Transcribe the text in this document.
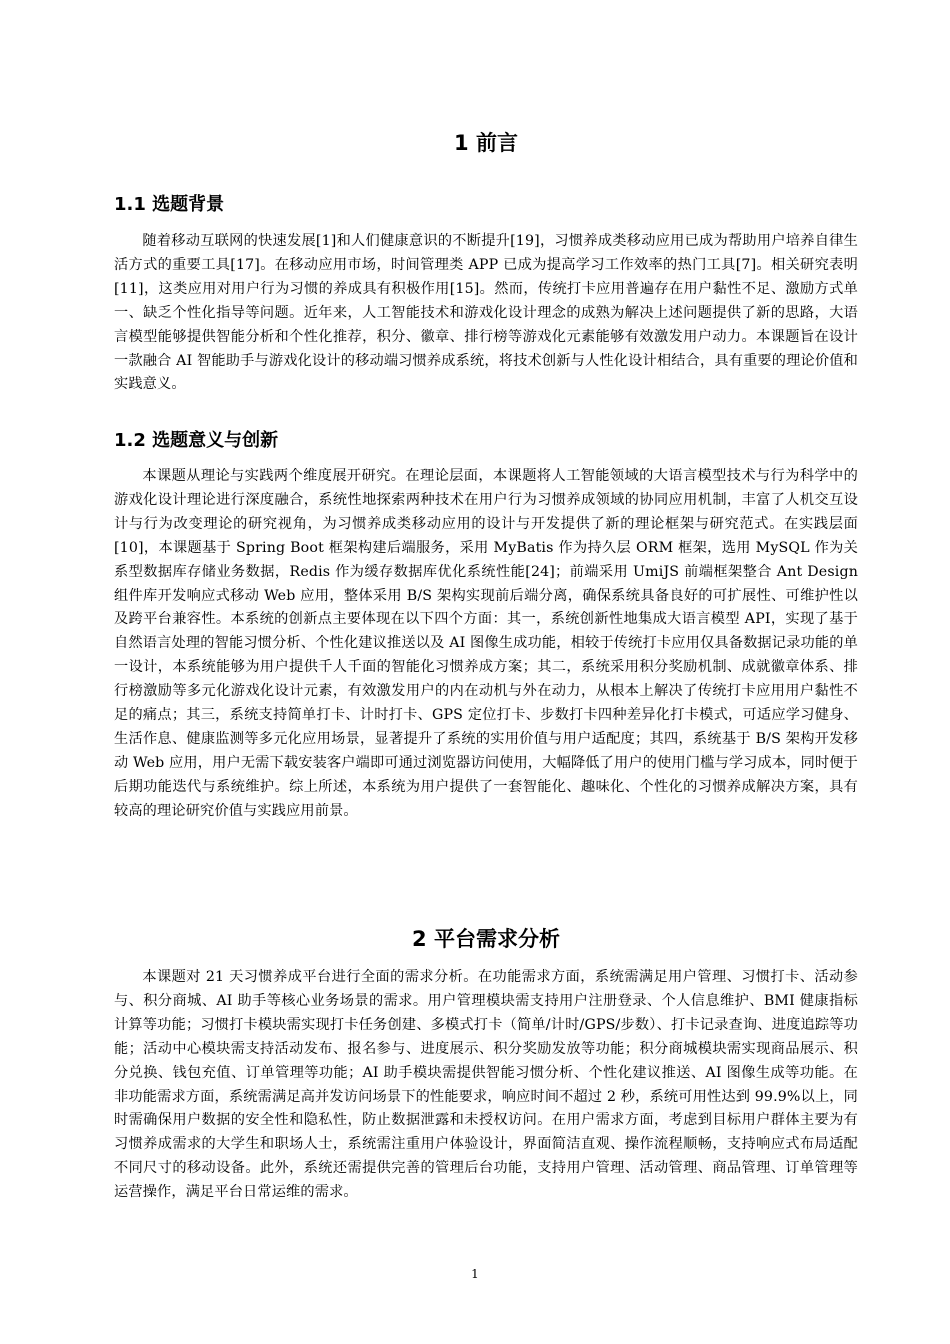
1 前言
1.1 选题背景

随着移动互联网的快速发展[1]和人们健康意识的不断提升[19]，习惯养成类移动应用已成为帮助用户培养自律生活方式的重要工具[17]。在移动应用市场，时间管理类 APP 已成为提高学习工作效率的热门工具[7]。相关研究表明[11]，这类应用对用户行为习惯的养成具有积极作用[15]。然而，传统打卡应用普遍存在用户黏性不足、激励方式单一、缺乏个性化指导等问题。近年来，人工智能技术和游戏化设计理念的成熟为解决上述问题提供了新的思路，大语言模型能够提供智能分析和个性化推荐，积分、徽章、排行榜等游戏化元素能够有效激发用户动力。本课题旨在设计一款融合 AI 智能助手与游戏化设计的移动端习惯养成系统，将技术创新与人性化设计相结合，具有重要的理论价值和实践意义。

1.2 选题意义与创新

本课题从理论与实践两个维度展开研究。在理论层面，本课题将人工智能领域的大语言模型技术与行为科学中的游戏化设计理论进行深度融合，系统性地探索两种技术在用户行为习惯养成领域的协同应用机制，丰富了人机交互设计与行为改变理论的研究视角，为习惯养成类移动应用的设计与开发提供了新的理论框架与研究范式。在实践层面[10]，本课题基于 Spring Boot 框架构建后端服务，采用 MyBatis 作为持久层 ORM 框架，选用 MySQL 作为关系型数据库存储业务数据，Redis 作为缓存数据库优化系统性能[24]；前端采用 UmiJS 前端框架整合 Ant Design 组件库开发响应式移动 Web 应用，整体采用 B/S 架构实现前后端分离，确保系统具备良好的可扩展性、可维护性以及跨平台兼容性。本系统的创新点主要体现在以下四个方面：其一，系统创新性地集成大语言模型 API，实现了基于自然语言处理的智能习惯分析、个性化建议推送以及 AI 图像生成功能，相较于传统打卡应用仅具备数据记录功能的单一设计，本系统能够为用户提供千人千面的智能化习惯养成方案；其二，系统采用积分奖励机制、成就徽章体系、排行榜激励等多元化游戏化设计元素，有效激发用户的内在动机与外在动力，从根本上解决了传统打卡应用用户黏性不足的痛点；其三，系统支持简单打卡、计时打卡、GPS 定位打卡、步数打卡四种差异化打卡模式，可适应学习健身、生活作息、健康监测等多元化应用场景，显著提升了系统的实用价值与用户适配度；其四，系统基于 B/S 架构开发移动 Web 应用，用户无需下载安装客户端即可通过浏览器访问使用，大幅降低了用户的使用门槛与学习成本，同时便于后期功能迭代与系统维护。综上所述，本系统为用户提供了一套智能化、趣味化、个性化的习惯养成解决方案，具有较高的理论研究价值与实践应用前景。

2 平台需求分析

本课题对 21 天习惯养成平台进行全面的需求分析。在功能需求方面，系统需满足用户管理、习惯打卡、活动参与、积分商城、AI 助手等核心业务场景的需求。用户管理模块需支持用户注册登录、个人信息维护、BMI 健康指标计算等功能；习惯打卡模块需实现打卡任务创建、多模式打卡（简单/计时/GPS/步数）、打卡记录查询、进度追踪等功能；活动中心模块需支持活动发布、报名参与、进度展示、积分奖励发放等功能；积分商城模块需实现商品展示、积分兑换、钱包充值、订单管理等功能；AI 助手模块需提供智能习惯分析、个性化建议推送、AI 图像生成等功能。在非功能需求方面，系统需满足高并发访问场景下的性能要求，响应时间不超过 2 秒，系统可用性达到 99.9%以上，同时需确保用户数据的安全性和隐私性，防止数据泄露和未授权访问。在用户需求方面，考虑到目标用户群体主要为有习惯养成需求的大学生和职场人士，系统需注重用户体验设计，界面简洁直观、操作流程顺畅，支持响应式布局适配不同尺寸的移动设备。此外，系统还需提供完善的管理后台功能，支持用户管理、活动管理、商品管理、订单管理等运营操作，满足平台日常运维的需求。

1
